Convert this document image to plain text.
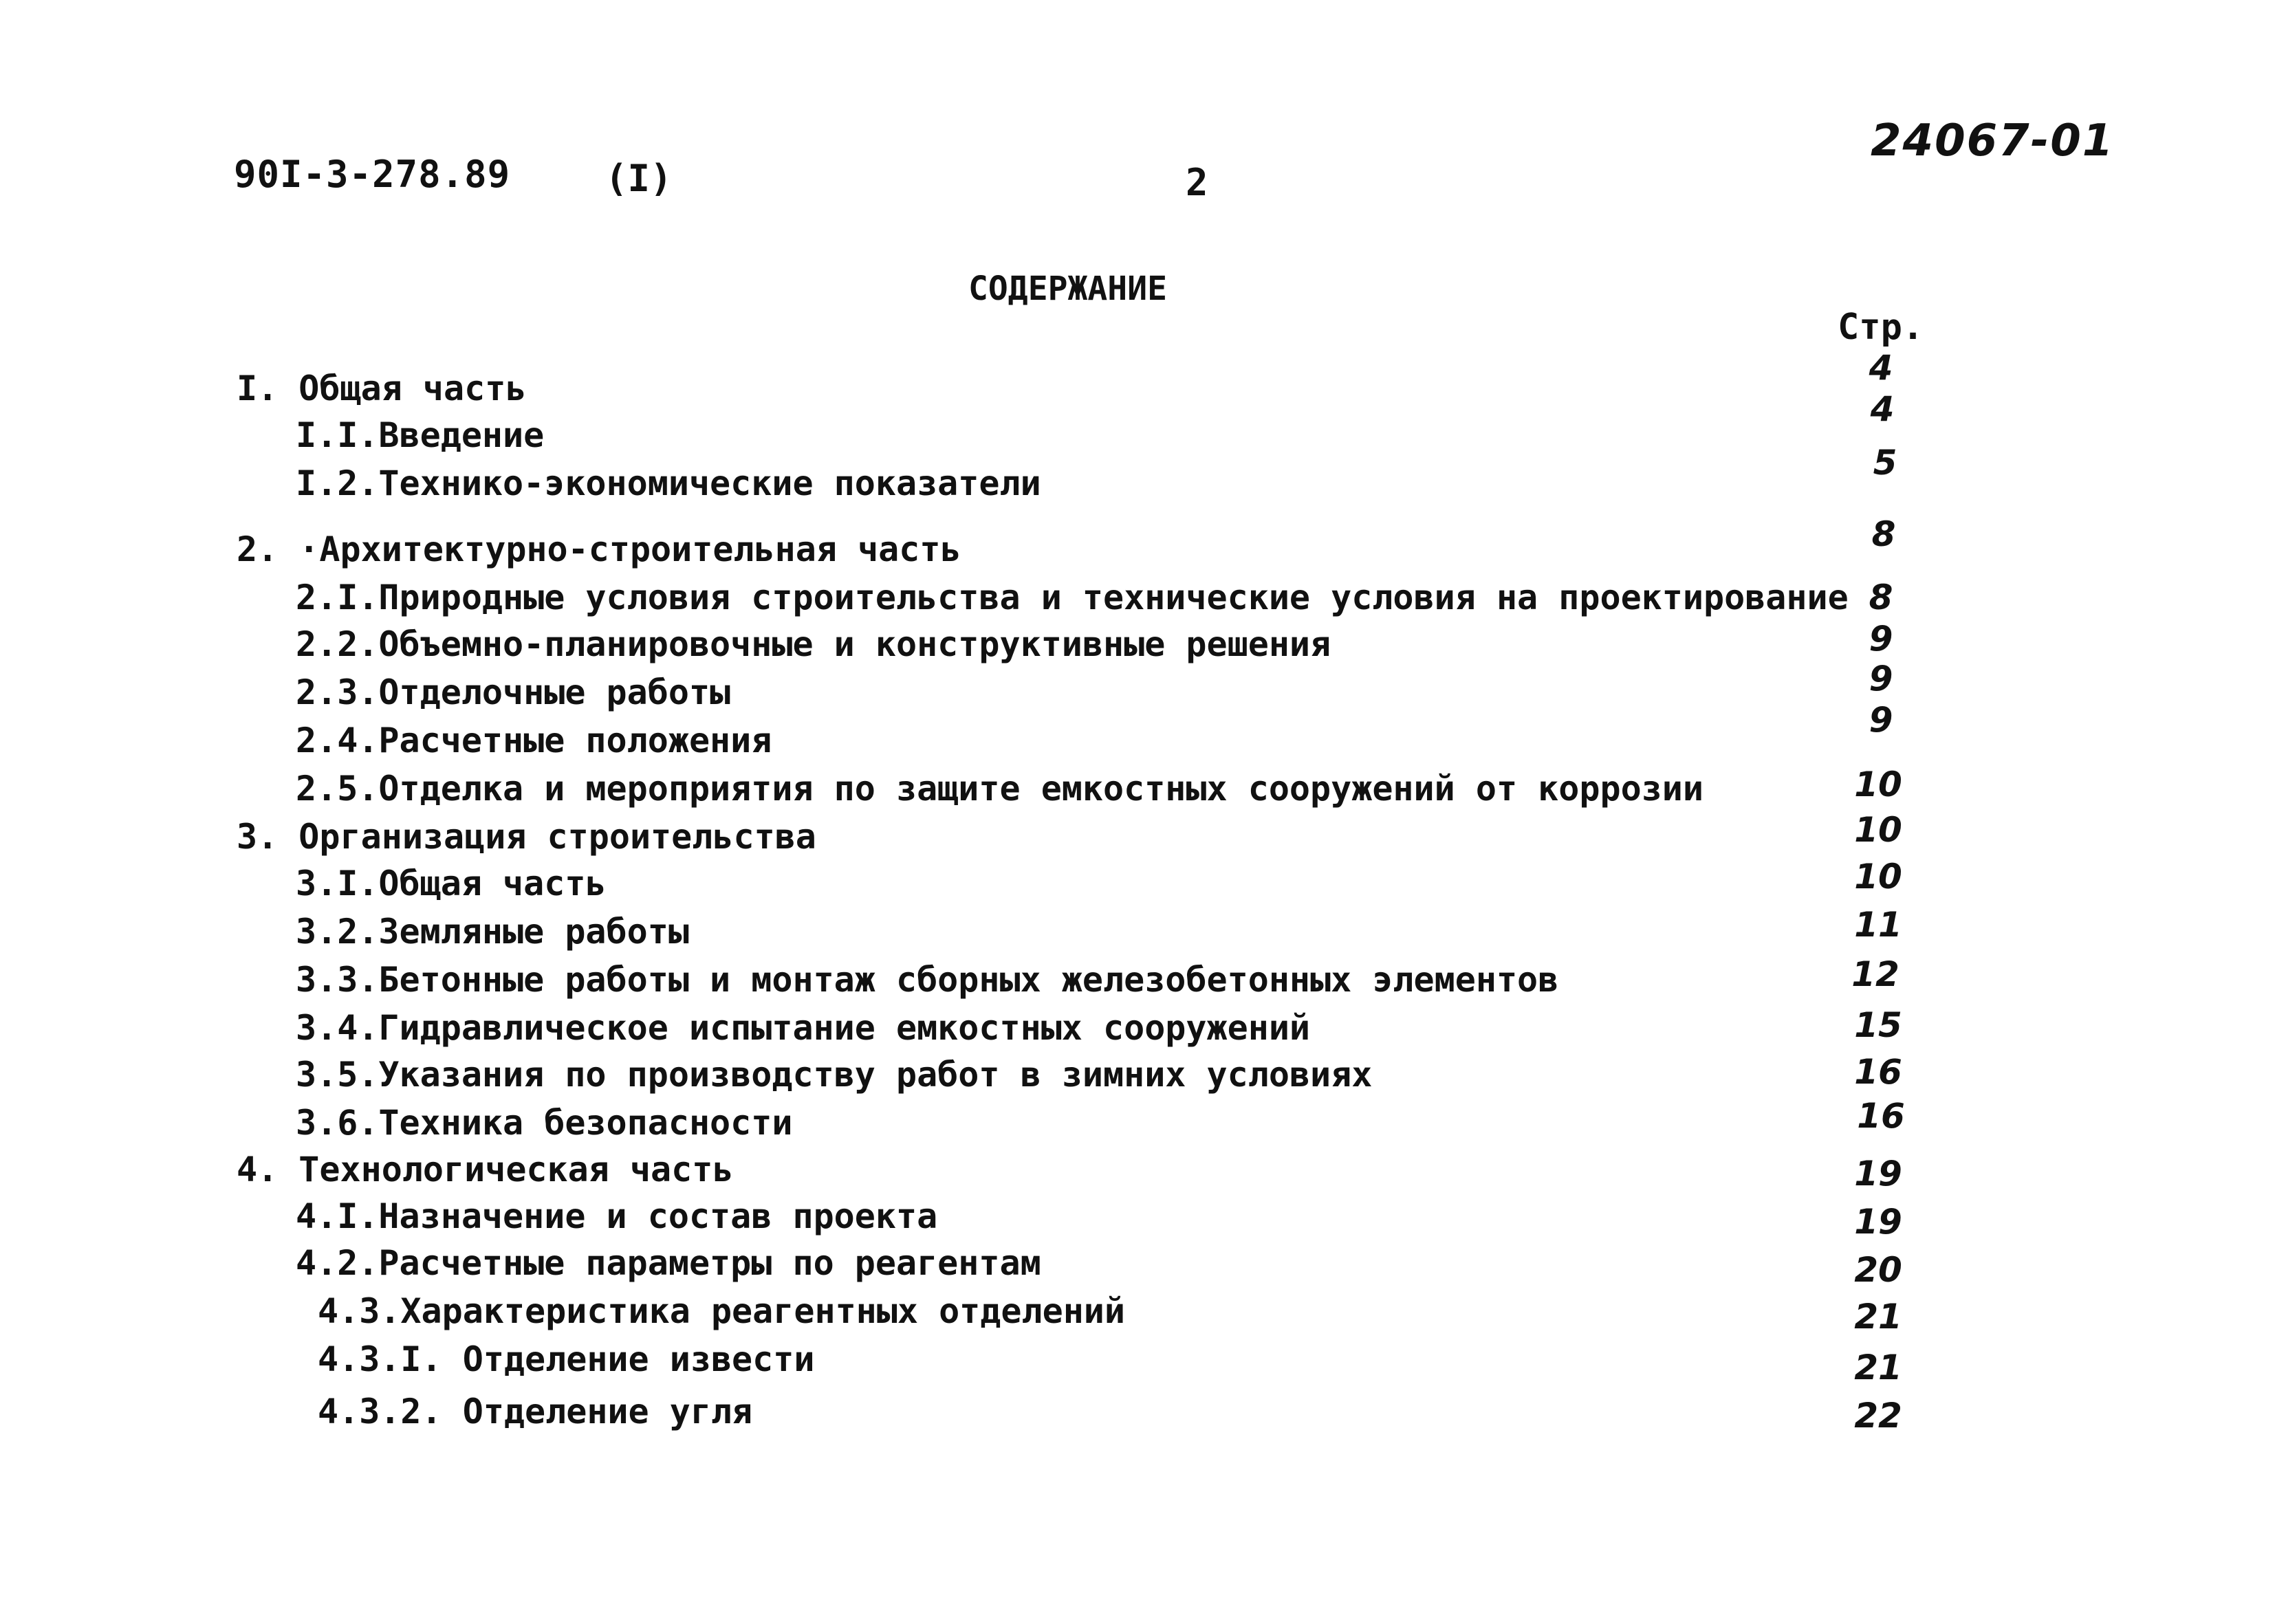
90I-3-278.89	(I)	2
24067-01
СОДЕРЖАНИЕ
Стр.
I. Общая часть
I.I.Введение
I.2.Технико-экономические показатели
2. ·Архитектурно-строительная часть
2.I.Природные условия строительства и технические условия на проектирование
2.2.Объемно-планировочные и конструктивные решения
2.3.Отделочные работы
2.4.Расчетные положения
2.5.Отделка и мероприятия по защите емкостных сооружений от коррозии
3. Организация строительства
3.I.Общая часть
3.2.Земляные работы
3.3.Бетонные работы и монтаж сборных железобетонных элементов
3.4.Гидравлическое испытание емкостных сооружений
3.5.Указания по производству работ в зимних условиях
3.6.Техника безопасности
4. Технологическая часть
4.I.Назначение и состав проекта
4.2.Расчетные параметры по реагентам
4.3.Характеристика реагентных отделений
4.3.I. Отделение извести
4.3.2. Отделение угля
4
4
5
8
8
9
9
9
10
10
10
11
12
15
16
16
19
19
20
21
21
22
